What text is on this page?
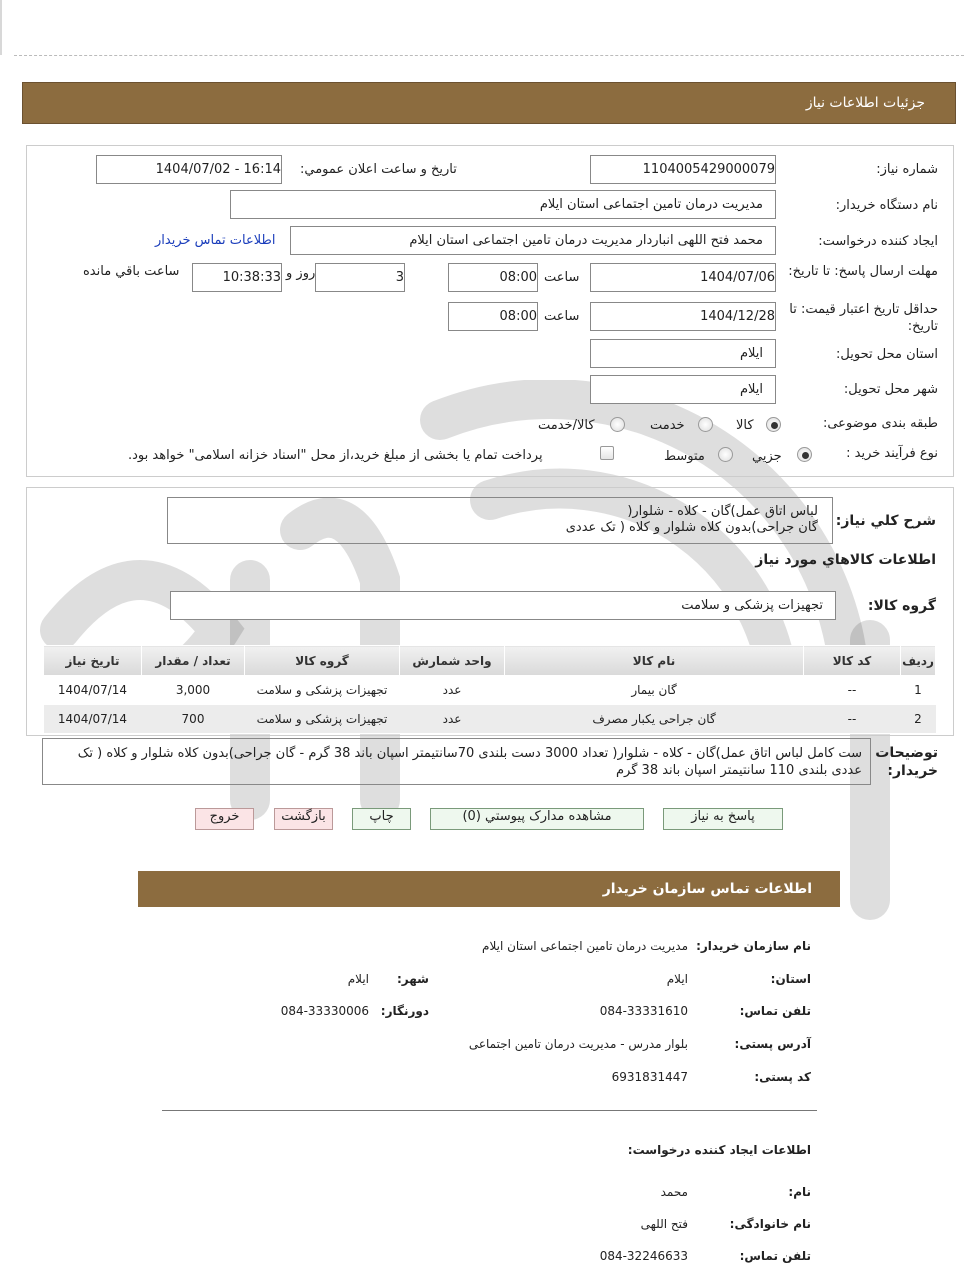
جزئيات اطلاعات نياز
شماره نياز:
1104005429000079
تاريخ و ساعت اعلان عمومي:
1404/07/02 - 16:14
نام دستگاه خريدار:
مديريت درمان تامين اجتماعی استان ايلام
ايجاد کننده درخواست:
محمد فتح اللهی انباردار مديريت درمان تامين اجتماعی استان ايلام
اطلاعات تماس خريدار
مهلت ارسال پاسخ: تا تاريخ:
1404/07/06
ساعت
08:00
3
روز و
10:38:33
ساعت باقي مانده
حداقل تاريخ اعتبار قيمت: تا تاريخ:
1404/12/28
ساعت
08:00
استان محل تحويل:
ايلام
شهر محل تحويل:
ايلام
طبقه بندی موضوعی:
کالا
خدمت
کالا/خدمت
نوع فرآيند خريد :
جزيي
متوسط
پرداخت تمام يا بخشی از مبلغ خريد،از محل "اسناد خزانه اسلامی" خواهد بود.
شرح کلي نياز:
لباس اتاق عمل)گان - کلاه - شلوار(
گان جراحی)بدون کلاه شلوار و کلاه ( تک عددی
اطلاعات کالاهاي مورد نياز
گروه کالا:
تجهيزات پزشکی و سلامت
رديف	کد کالا	نام کالا	واحد شمارش	گروه کالا	تعداد / مقدار	تاريخ نياز
1	--	گان بيمار	عدد	تجهيزات پزشکی و سلامت	3,000	1404/07/14
2	--	گان جراحی يکبار مصرف	عدد	تجهيزات پزشکی و سلامت	700	1404/07/14
توضيحات خريدار:
ست کامل لباس اتاق عمل)گان - کلاه - شلوار( تعداد 3000 دست بلندی 70سانتیمتر اسپان باند 38 گرم - گان جراحی)بدون کلاه شلوار و کلاه ( تک عددی بلندی 110 سانتیمتر اسپان باند 38 گرم
پاسخ به نياز
مشاهده مدارک پيوستي (0)
چاپ
بازگشت
خروج
اطلاعات تماس سازمان خريدار
نام سازمان خريدار:
مديريت درمان تامين اجتماعی استان ايلام
استان:
ايلام
شهر:
ايلام
تلفن تماس:
084-33331610
دورنگار:
084-33330006
آدرس پستی:
بلوار مدرس - مديريت درمان تامين اجتماعی
کد پستی:
6931831447
اطلاعات ايجاد کننده درخواست:
نام:
محمد
نام خانوادگی:
فتح اللهی
تلفن تماس:
084-32246633
